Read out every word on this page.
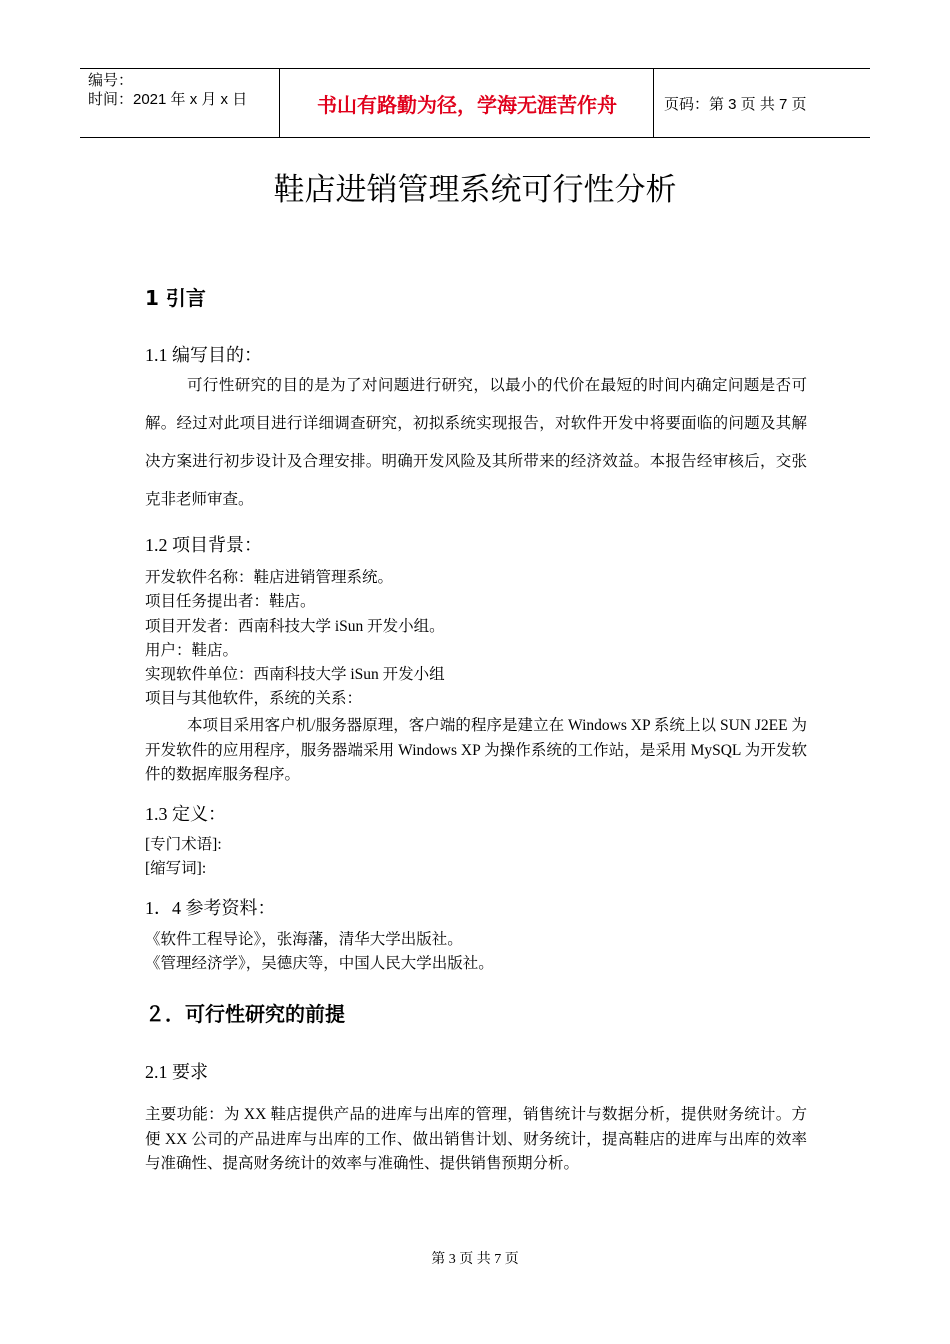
编号：
时间：2021 年 x 月 x 日	书山有路勤为径，学海无涯苦作舟	页码：第 3 页 共 7 页
鞋店进销管理系统可行性分析
1 引言
1.1 编写目的：
可行性研究的目的是为了对问题进行研究，以最小的代价在最短的时间内确定问题是否可解。经过对此项目进行详细调查研究，初拟系统实现报告，对软件开发中将要面临的问题及其解决方案进行初步设计及合理安排。明确开发风险及其所带来的经济效益。本报告经审核后，交张克非老师审查。
1.2 项目背景：
开发软件名称：鞋店进销管理系统。
项目任务提出者：鞋店。
项目开发者：西南科技大学 iSun 开发小组。
用户：鞋店。
实现软件单位：西南科技大学 iSun 开发小组
项目与其他软件，系统的关系：
本项目采用客户机/服务器原理，客户端的程序是建立在 Windows XP 系统上以 SUN J2EE 为开发软件的应用程序，服务器端采用 Windows XP 为操作系统的工作站，是采用 MySQL 为开发软件的数据库服务程序。
1.3 定义：
[专门术语]:
[缩写词]:
1．4 参考资料：
《软件工程导论》，张海藩，清华大学出版社。
《管理经济学》，吴德庆等，中国人民大学出版社。
２．可行性研究的前提
2.1 要求
主要功能：为 XX 鞋店提供产品的进库与出库的管理，销售统计与数据分析，提供财务统计。方便 XX 公司的产品进库与出库的工作、做出销售计划、财务统计，提高鞋店的进库与出库的效率与准确性、提高财务统计的效率与准确性、提供销售预期分析。
第 3 页 共 7 页
